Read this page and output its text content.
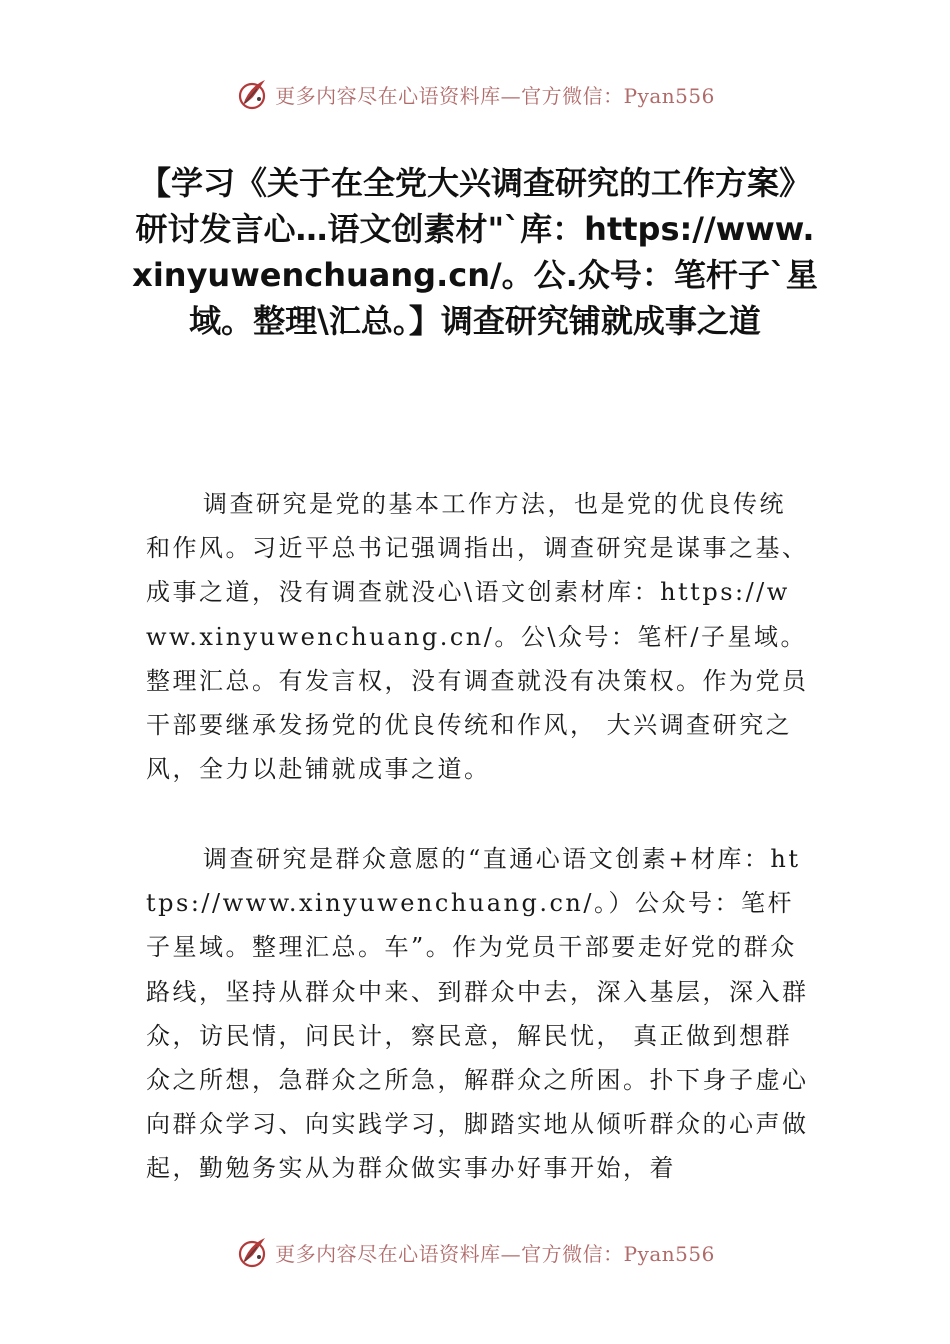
更多内容尽在心语资料库—官方微信：Pyan556
【学习《关于在全党大兴调查研究的工作方案》研讨发言心…语文创素材"`库：https://www.xinyuwenchuang.cn/。公.众号：笔杆子`星域。整理\汇总。】调查研究铺就成事之道

调查研究是党的基本工作方法，也是党的优良传统和作风。习近平总书记强调指出，调查研究是谋事之基、成事之道，没有调查就没心\语文创素材库：https://www.xinyuwenchuang.cn/。公\众号：笔杆/子星域。整理汇总。有发言权，没有调查就没有决策权。作为党员干部要继承发扬党的优良传统和作风， 大兴调查研究之风，全力以赴铺就成事之道。

调查研究是群众意愿的“直通心语文创素+材库：https://www.xinyuwenchuang.cn/。）公众号：笔杆子星域。整理汇总。车”。作为党员干部要走好党的群众路线，坚持从群众中来、到群众中去，深入基层，深入群众，访民情，问民计，察民意，解民忧， 真正做到想群众之所想，急群众之所急，解群众之所困。扑下身子虚心向群众学习、向实践学习，脚踏实地从倾听群众的心声做起，勤勉务实从为群众做实事办好事开始，着

更多内容尽在心语资料库—官方微信：Pyan556
